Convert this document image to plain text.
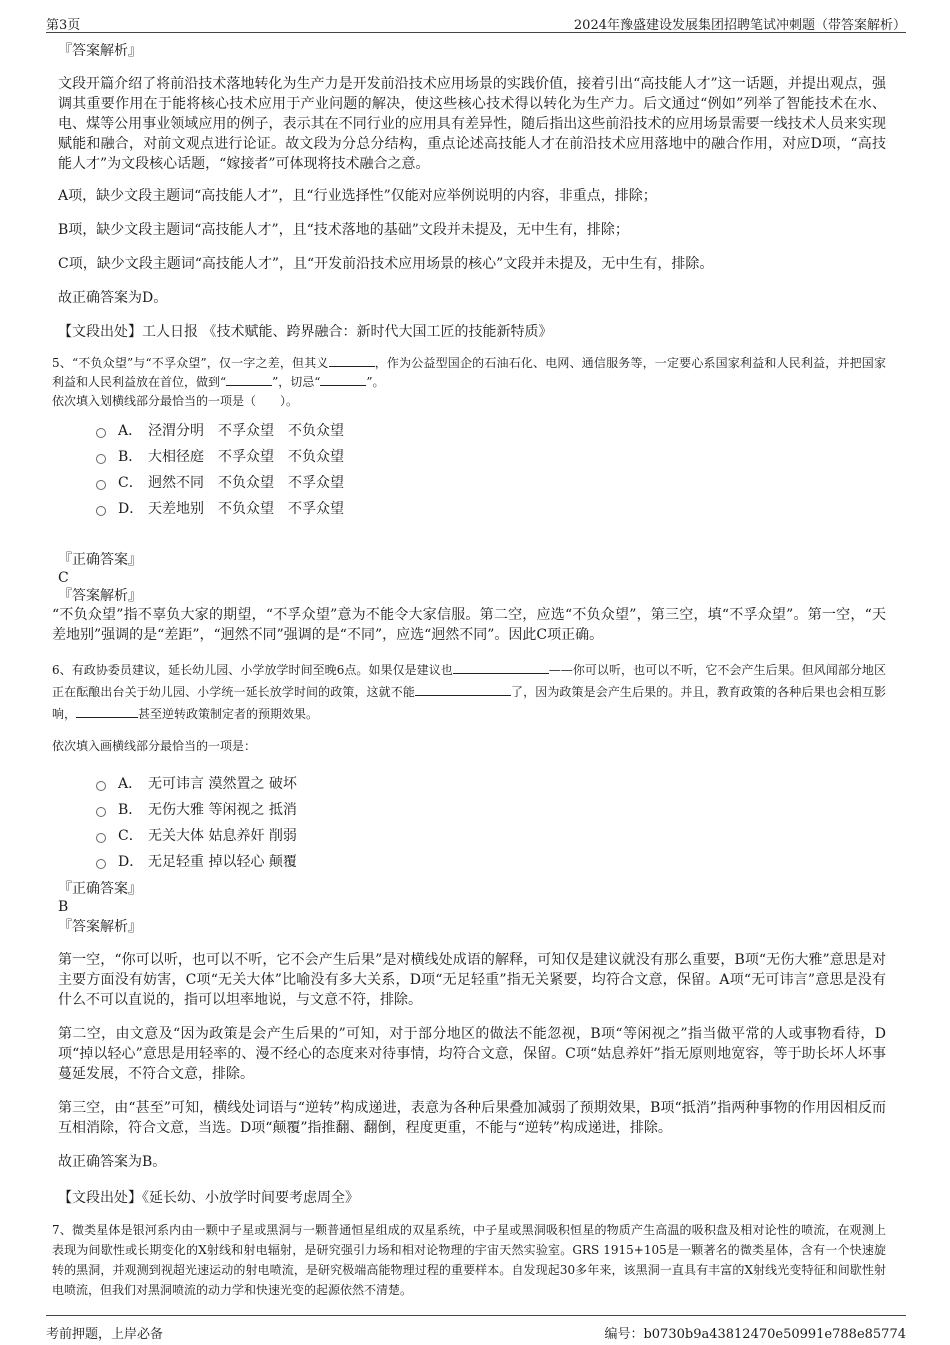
第3页	2024年豫盛建设发展集团招聘笔试冲刺题（带答案解析）
『答案解析』

文段开篇介绍了将前沿技术落地转化为生产力是开发前沿技术应用场景的实践价值，接着引出“高技能人才”这一话题，并提出观点，强调其重要作用在于能将核心技术应用于产业问题的解决，使这些核心技术得以转化为生产力。后文通过“例如”列举了智能技术在水、电、煤等公用事业领域应用的例子，表示其在不同行业的应用具有差异性，随后指出这些前沿技术的应用场景需要一线技术人员来实现赋能和融合，对前文观点进行论证。故文段为分总分结构，重点论述高技能人才在前沿技术应用落地中的融合作用，对应D项，“高技能人才”为文段核心话题，“嫁接者”可体现将技术融合之意。

A项，缺少文段主题词“高技能人才”，且“行业选择性”仅能对应举例说明的内容，非重点，排除；

B项，缺少文段主题词“高技能人才”，且“技术落地的基础”文段并未提及，无中生有，排除；

C项，缺少文段主题词“高技能人才”，且“开发前沿技术应用场景的核心”文段并未提及，无中生有，排除。

故正确答案为D。

【文段出处】工人日报 《技术赋能、跨界融合：新时代大国工匠的技能新特质》

5、“不负众望”与“不孚众望”，仅一字之差，但其义	，作为公益型国企的石油石化、电网、通信服务等，一定要心系国家利益和人民利益，并把国家利益和人民利益放在首位，做到“	”，切忌“	”。
依次填入划横线部分最恰当的一项是（　　）。
A． 泾渭分明　不孚众望　不负众望
B． 大相径庭　不孚众望　不负众望
C． 迥然不同　不负众望　不孚众望
D． 天差地别　不负众望　不孚众望
『正确答案』
C
『答案解析』

“不负众望”指不辜负大家的期望，“不孚众望”意为不能令大家信服。第二空，应选“不负众望”，第三空，填“不孚众望”。第一空，“天差地别”强调的是“差距”，“迥然不同”强调的是“不同”，应选“迥然不同”。因此C项正确。

6、有政协委员建议，延长幼儿园、小学放学时间至晚6点。如果仅是建议也	——你可以听，也可以不听，它不会产生后果。但风闻部分地区正在酝酿出台关于幼儿园、小学统一延长放学时间的政策，这就不能	了，因为政策是会产生后果的。并且，教育政策的各种后果也会相互影响，	甚至逆转政策制定者的预期效果。
依次填入画横线部分最恰当的一项是：
A． 无可讳言 漠然置之 破坏
B． 无伤大雅 等闲视之 抵消
C． 无关大体 姑息养奸 削弱
D． 无足轻重 掉以轻心 颠覆
『正确答案』
B
『答案解析』

第一空，“你可以听，也可以不听，它不会产生后果”是对横线处成语的解释，可知仅是建议就没有那么重要，B项“无伤大雅”意思是对主要方面没有妨害，C项“无关大体”比喻没有多大关系，D项“无足轻重”指无关紧要，均符合文意，保留。A项“无可讳言”意思是没有什么不可以直说的，指可以坦率地说，与文意不符，排除。

第二空，由文意及“因为政策是会产生后果的”可知，对于部分地区的做法不能忽视，B项“等闲视之”指当做平常的人或事物看待，D项“掉以轻心”意思是用轻率的、漫不经心的态度来对待事情，均符合文意，保留。C项“姑息养奸”指无原则地宽容，等于助长坏人坏事蔓延发展，不符合文意，排除。

第三空，由“甚至”可知，横线处词语与“逆转”构成递进，表意为各种后果叠加减弱了预期效果，B项“抵消”指两种事物的作用因相反而互相消除，符合文意，当选。D项“颠覆”指推翻、翻倒，程度更重，不能与“逆转”构成递进，排除。

故正确答案为B。

【文段出处】《延长幼、小放学时间要考虑周全》

7、微类星体是银河系内由一颗中子星或黑洞与一颗普通恒星组成的双星系统，中子星或黑洞吸积恒星的物质产生高温的吸积盘及相对论性的喷流，在观测上表现为间歇性或长期变化的X射线和射电辐射，是研究强引力场和相对论物理的宇宙天然实验室。GRS 1915+105是一颗著名的微类星体，含有一个快速旋转的黑洞，并观测到视超光速运动的射电喷流，是研究极端高能物理过程的重要样本。自发现起30多年来，该黑洞一直具有丰富的X射线光变特征和间歇性射电喷流，但我们对黑洞喷流的动力学和快速光变的起源依然不清楚。

考前押题，上岸必备	编号：b0730b9a43812470e50991e788e85774
